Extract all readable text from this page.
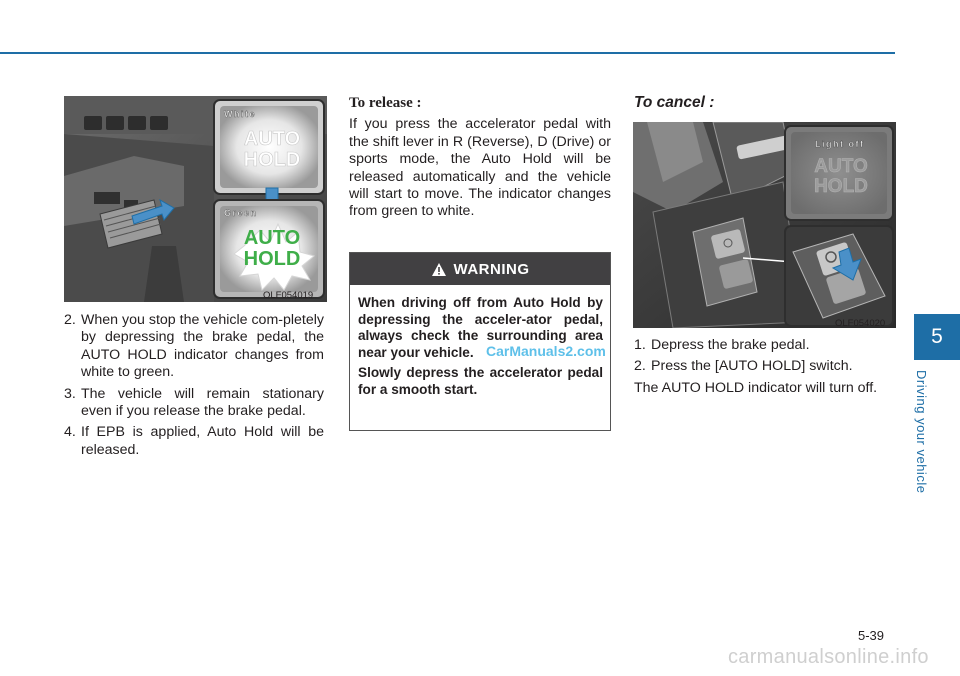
White
AUTO
HOLD
Green
AUTO
HOLD
OLF054019
2. When you stop the vehicle com-pletely by depressing the brake pedal, the AUTO HOLD indicator changes from white to green.
3. The vehicle will remain stationary even if you release the brake pedal.
4. If EPB is applied, Auto Hold will be released.
To release :
If you press the accelerator pedal with the shift lever in R (Reverse), D (Drive) or sports mode, the Auto Hold will be released automatically and the vehicle will start to move. The indicator changes from green to white.
WARNING

When driving off from Auto Hold by depressing the acceler-ator pedal, always check the surrounding area near your vehicle.

Slowly depress the accelerator pedal for a smooth start.

CarManuals2.com
To cancel :
Light off
AUTO
HOLD
OLF054020
1. Depress the brake pedal.
2. Press the [AUTO HOLD] switch.
The AUTO HOLD indicator will turn off.
5
Driving your vehicle
5-39
carmanualsonline.info
